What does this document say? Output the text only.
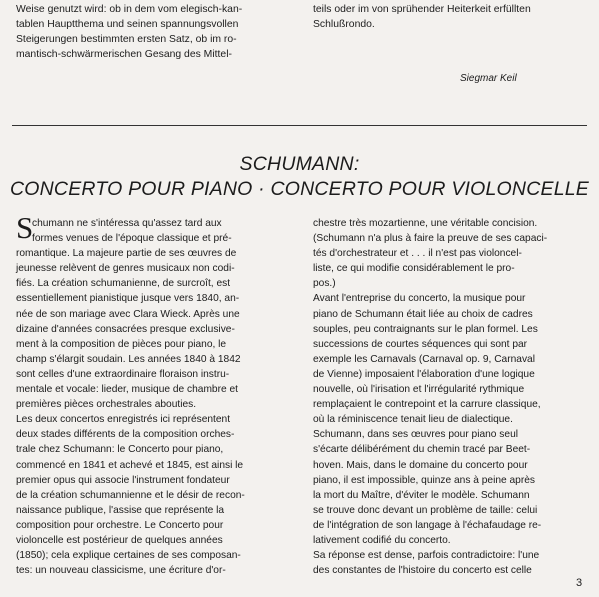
Weise genutzt wird: ob in dem vom elegisch-kan-
tablen Hauptthema und seinen spannungsvollen
Steigerungen bestimmten ersten Satz, ob im ro-
mantisch-schwärmerischen Gesang des Mittel-
teils oder im von sprühender Heiterkeit erfüllten
Schlußrondo.
Siegmar Keil
SCHUMANN:
CONCERTO POUR PIANO · CONCERTO POUR VIOLONCELLE
S
chumann ne s'intéressa qu'assez tard aux
formes venues de l'époque classique et pré-
romantique. La majeure partie de ses œuvres de
jeunesse relèvent de genres musicaux non codi-
fiés. La création schumanienne, de surcroît, est
essentiellement pianistique jusque vers 1840, an-
née de son mariage avec Clara Wieck. Après une
dizaine d'années consacrées presque exclusive-
ment à la composition de pièces pour piano, le
champ s'élargit soudain. Les années 1840 à 1842
sont celles d'une extraordinaire floraison instru-
mentale et vocale: lieder, musique de chambre et
premières pièces orchestrales abouties.
Les deux concertos enregistrés ici représentent
deux stades différents de la composition orches-
trale chez Schumann: le Concerto pour piano,
commencé en 1841 et achevé et 1845, est ainsi le
premier opus qui associe l'instrument fondateur
de la création schumannienne et le désir de recon-
naissance publique, l'assise que représente la
composition pour orchestre. Le Concerto pour
violoncelle est postérieur de quelques années
(1850); cela explique certaines de ses composan-
tes: un nouveau classicisme, une écriture d'or-
chestre très mozartienne, une véritable concision.
(Schumann n'a plus à faire la preuve de ses capaci-
tés d'orchestrateur et . . . il n'est pas violoncel-
liste, ce qui modifie considérablement le pro-
pos.)
Avant l'entreprise du concerto, la musique pour
piano de Schumann était liée au choix de cadres
souples, peu contraignants sur le plan formel. Les
successions de courtes séquences qui sont par
exemple les Carnavals (Carnaval op. 9, Carnaval
de Vienne) imposaient l'élaboration d'une logique
nouvelle, où l'irisation et l'irrégularité rythmique
remplaçaient le contrepoint et la carrure classique,
où la réminiscence tenait lieu de dialectique.
Schumann, dans ses œuvres pour piano seul
s'écarte délibérément du chemin tracé par Beet-
hoven. Mais, dans le domaine du concerto pour
piano, il est impossible, quinze ans à peine après
la mort du Maître, d'éviter le modèle. Schumann
se trouve donc devant un problème de taille: celui
de l'intégration de son langage à l'échafaudage re-
lativement codifié du concerto.
Sa réponse est dense, parfois contradictoire: l'une
des constantes de l'histoire du concerto est celle
3
